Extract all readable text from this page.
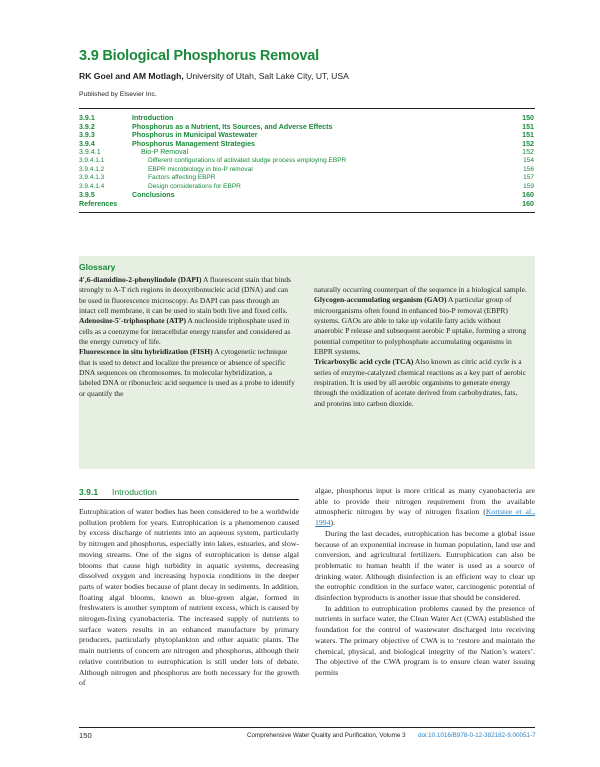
3.9 Biological Phosphorus Removal
RK Goel and AM Motlagh, University of Utah, Salt Lake City, UT, USA
Published by Elsevier Inc.
3.9.1	Introduction	150
3.9.2	Phosphorus as a Nutrient, Its Sources, and Adverse Effects	151
3.9.3	Phosphorus in Municipal Wastewater	151
3.9.4	Phosphorus Management Strategies	152
3.9.4.1	Bio-P Removal	152
3.9.4.1.1	Different configurations of activated sludge process employing EBPR	154
3.9.4.1.2	EBPR microbiology in bio-P removal	156
3.9.4.1.3	Factors affecting EBPR	157
3.9.4.1.4	Design considerations for EBPR	159
3.9.5	Conclusions	160
References	160
Glossary

4′,6-diamidino-2-phenylindole (DAPI) A fluorescent stain that binds strongly to A-T rich regions in deoxyribonucleic acid (DNA) and can be used in fluorescence microscopy. As DAPI can pass through an intact cell membrane, it can be used to stain both live and fixed cells.

Adenosine-5′-triphosphate (ATP) A nucleoside triphosphate used in cells as a coenzyme for intracellular energy transfer and considered as the energy currency of life.

Fluorescence in situ hybridization (FISH) A cytogenetic technique that is used to detect and localize the presence or absence of specific DNA sequences on chromosomes. In molecular hybridization, a labeled DNA or ribonucleic acid sequence is used as a probe to identify or quantify the

naturally occurring counterpart of the sequence in a biological sample.

Glycogen-accumulating organism (GAO) A particular group of microorganisms often found in enhanced bio-P removal (EBPR) systems. GAOs are able to take up volatile fatty acids without anaerobic P release and subsequent aerobic P uptake, forming a strong potential competitor to polyphosphate accumulating organisms in EBPR systems.

Tricarboxylic acid cycle (TCA) Also known as citric acid cycle is a series of enzyme-catalyzed chemical reactions as a key part of aerobic respiration. It is used by all aerobic organisms to generate energy through the oxidization of acetate derived from carbohydrates, fats, and proteins into carbon dioxide.

3.9.1 Introduction

Eutrophication of water bodies has been considered to be a worldwide pollution problem for years. Eutrophication is a phenomenon caused by excess discharge of nutrients into an aqueous system, particularly by nitrogen and phosphorus, especially into lakes, estuaries, and slow-moving streams. One of the signs of eutrophication is dense algal blooms that cause high turbidity in aquatic systems, decreasing dissolved oxygen and increasing hypoxia conditions in the deeper parts of water bodies because of plant decay in sediments. In addition, floating algal blooms, known as blue-green algae, formed in freshwaters is another symptom of nutrient excess, which is caused by nitrogen-fixing cyanobacteria. The increased supply of nutrients to surface waters results in an enhanced manufacture by primary producers, particularly phytoplankton and other aquatic plants. The main nutrients of concern are nitrogen and phosphorus, although their relative contribution to eutrophication is still under lots of debate. Although nitrogen and phosphorus are both necessary for the growth of

algae, phosphorus input is more critical as many cyanobacteria are able to provide their nitrogen requirement from the available atmospheric nitrogen by way of nitrogen fixation (Kortstee et al., 1994).

During the last decades, eutrophication has become a global issue because of an exponential increase in human population, land use and conversion, and agricultural fertilizers. Eutrophication can also be problematic to human health if the water is used as a source of drinking water. Although disinfection is an efficient way to clear up the eutrophic condition in the surface water, carcinogenic potential of disinfection byproducts is another issue that should be considered.

In addition to eutrophication problems caused by the presence of nutrients in surface water, the Clean Water Act (CWA) established the foundation for the control of wastewater discharged into receiving waters. The primary objective of CWA is to ‘restore and maintain the chemical, physical, and biological integrity of the Nation’s waters’. The objective of the CWA program is to ensure clean water issuing permits

150	Comprehensive Water Quality and Purification, Volume 3 doi:10.1016/B978-0-12-382182-9.00051-7
